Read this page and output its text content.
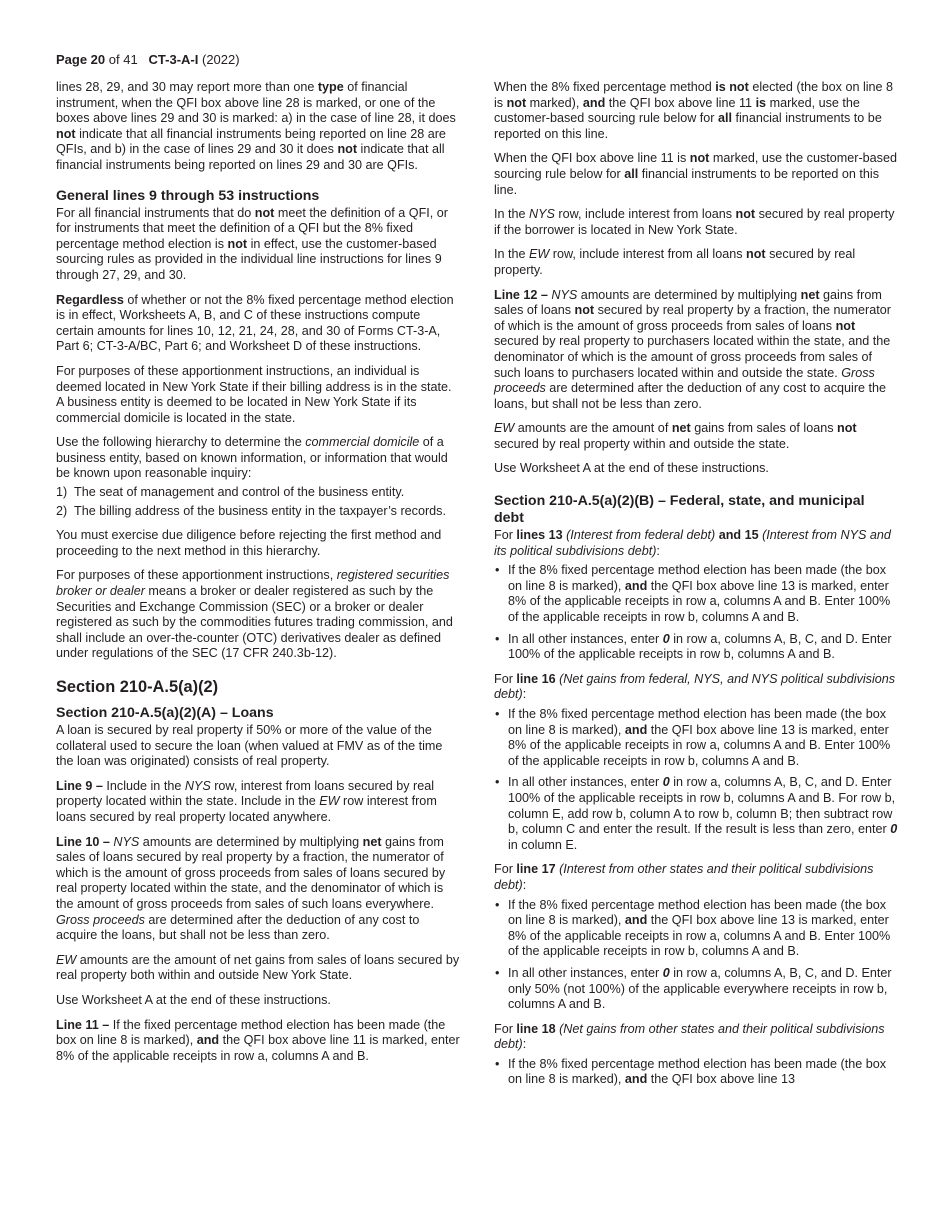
Page 20 of 41 CT-3-A-I (2022)

lines 28, 29, and 30 may report more than one type of financial instrument, when the QFI box above line 28 is marked, or one of the boxes above lines 29 and 30 is marked: a) in the case of line 28, it does not indicate that all financial instruments being reported on line 28 are QFIs, and b) in the case of lines 29 and 30 it does not indicate that all financial instruments being reported on lines 29 and 30 are QFIs.

General lines 9 through 53 instructions

For all financial instruments that do not meet the definition of a QFI, or for instruments that meet the definition of a QFI but the 8% fixed percentage method election is not in effect, use the customer-based sourcing rules as provided in the individual line instructions for lines 9 through 27, 29, and 30.

Regardless of whether or not the 8% fixed percentage method election is in effect, Worksheets A, B, and C of these instructions compute certain amounts for lines 10, 12, 21, 24, 28, and 30 of Forms CT-3-A, Part 6; CT-3-A/BC, Part 6; and Worksheet D of these instructions.

For purposes of these apportionment instructions, an individual is deemed located in New York State if their billing address is in the state. A business entity is deemed to be located in New York State if its commercial domicile is located in the state.

Use the following hierarchy to determine the commercial domicile of a business entity, based on known information, or information that would be known upon reasonable inquiry:

1) The seat of management and control of the business entity.
2) The billing address of the business entity in the taxpayer’s records.

You must exercise due diligence before rejecting the first method and proceeding to the next method in this hierarchy.

For purposes of these apportionment instructions, registered securities broker or dealer means a broker or dealer registered as such by the Securities and Exchange Commission (SEC) or a broker or dealer registered as such by the commodities futures trading commission, and shall include an over-the-counter (OTC) derivatives dealer as defined under regulations of the SEC (17 CFR 240.3b-12).

Section 210-A.5(a)(2)
Section 210-A.5(a)(2)(A) – Loans

A loan is secured by real property if 50% or more of the value of the collateral used to secure the loan (when valued at FMV as of the time the loan was originated) consists of real property.

Line 9 – Include in the NYS row, interest from loans secured by real property located within the state. Include in the EW row interest from loans secured by real property located anywhere.

Line 10 – NYS amounts are determined by multiplying net gains from sales of loans secured by real property by a fraction, the numerator of which is the amount of gross proceeds from sales of loans secured by real property located within the state, and the denominator of which is the amount of gross proceeds from sales of such loans everywhere. Gross proceeds are determined after the deduction of any cost to acquire the loans, but shall not be less than zero.

EW amounts are the amount of net gains from sales of loans secured by real property both within and outside New York State.

Use Worksheet A at the end of these instructions.

Line 11 – If the fixed percentage method election has been made (the box on line 8 is marked), and the QFI box above line 11 is marked, enter 8% of the applicable receipts in row a, columns A and B.

When the 8% fixed percentage method is not elected (the box on line 8 is not marked), and the QFI box above line 11 is marked, use the customer-based sourcing rule below for all financial instruments to be reported on this line.

When the QFI box above line 11 is not marked, use the customer-based sourcing rule below for all financial instruments to be reported on this line.

In the NYS row, include interest from loans not secured by real property if the borrower is located in New York State.

In the EW row, include interest from all loans not secured by real property.

Line 12 – NYS amounts are determined by multiplying net gains from sales of loans not secured by real property by a fraction, the numerator of which is the amount of gross proceeds from sales of loans not secured by real property to purchasers located within the state, and the denominator of which is the amount of gross proceeds from sales of such loans to purchasers located within and outside the state. Gross proceeds are determined after the deduction of any cost to acquire the loans, but shall not be less than zero.

EW amounts are the amount of net gains from sales of loans not secured by real property within and outside the state.

Use Worksheet A at the end of these instructions.

Section 210-A.5(a)(2)(B) – Federal, state, and municipal debt

For lines 13 (Interest from federal debt) and 15 (Interest from NYS and its political subdivisions debt):

• If the 8% fixed percentage method election has been made (the box on line 8 is marked), and the QFI box above line 13 is marked, enter 8% of the applicable receipts in row a, columns A and B. Enter 100% of the applicable receipts in row b, columns A and B.
• In all other instances, enter 0 in row a, columns A, B, C, and D. Enter 100% of the applicable receipts in row b, columns A and B.

For line 16 (Net gains from federal, NYS, and NYS political subdivisions debt):

• If the 8% fixed percentage method election has been made (the box on line 8 is marked), and the QFI box above line 13 is marked, enter 8% of the applicable receipts in row a, columns A and B. Enter 100% of the applicable receipts in row b, columns A and B.
• In all other instances, enter 0 in row a, columns A, B, C, and D. Enter 100% of the applicable receipts in row b, columns A and B. For row b, column E, add row b, column A to row b, column B; then subtract row b, column C and enter the result. If the result is less than zero, enter 0 in column E.

For line 17 (Interest from other states and their political subdivisions debt):

• If the 8% fixed percentage method election has been made (the box on line 8 is marked), and the QFI box above line 13 is marked, enter 8% of the applicable receipts in row a, columns A and B. Enter 100% of the applicable receipts in row b, columns A and B.
• In all other instances, enter 0 in row a, columns A, B, C, and D. Enter only 50% (not 100%) of the applicable everywhere receipts in row b, columns A and B.

For line 18 (Net gains from other states and their political subdivisions debt):

• If the 8% fixed percentage method election has been made (the box on line 8 is marked), and the QFI box above line 13
